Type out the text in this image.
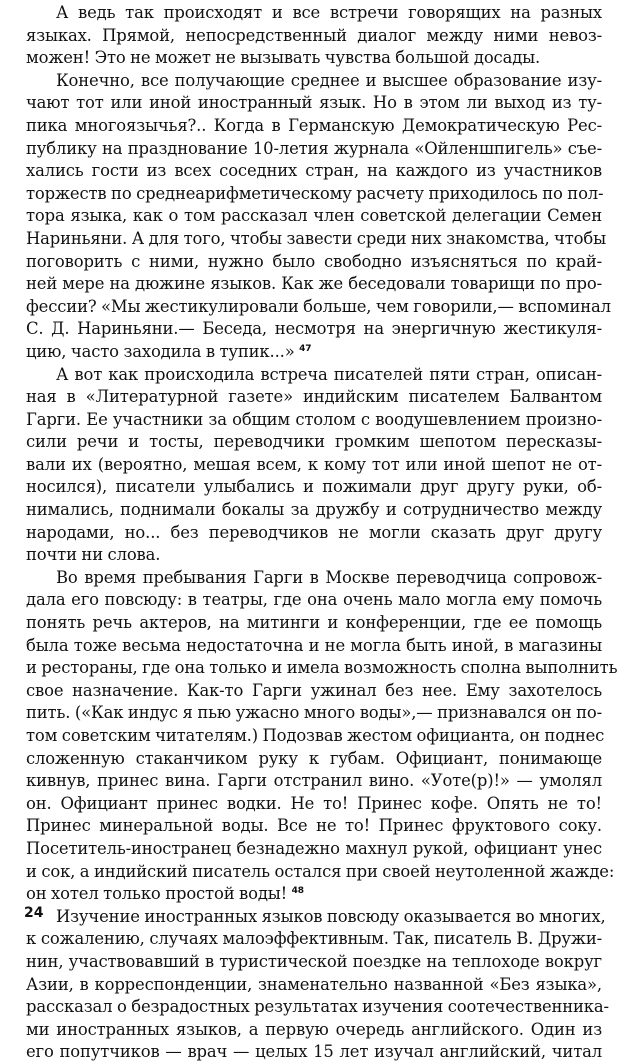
А ведь так происходят и все встречи говорящих на разных
языках. Прямой, непосредственный диалог между ними невоз-
можен! Это не может не вызывать чувства большой досады.

Конечно, все получающие среднее и высшее образование изу-
чают тот или иной иностранный язык. Но в этом ли выход из ту-
пика многоязычья?.. Когда в Германскую Демократическую Рес-
публику на празднование 10-летия журнала «Ойленшпигель» съе-
хались гости из всех соседних стран, на каждого из участников
торжеств по среднеарифметическому расчету приходилось по пол-
тора языка, как о том рассказал член советской делегации Семен
Нариньяни. А для того, чтобы завести среди них знакомства, чтобы
поговорить с ними, нужно было свободно изъясняться по край-
ней мере на дюжине языков. Как же беседовали товарищи по про-
фессии? «Мы жестикулировали больше, чем говорили,— вспоминал
С. Д. Нариньяни.— Беседа, несмотря на энергичную жестикуля-
цию, часто заходила в тупик...» $^{47}$

А вот как происходила встреча писателей пяти стран, описан-
ная в «Литературной газете» индийским писателем Балвантом
Гарги. Ее участники за общим столом с воодушевлением произно-
сили речи и тосты, переводчики громким шепотом пересказы-
вали их (вероятно, мешая всем, к кому тот или иной шепот не от-
носился), писатели улыбались и пожимали друг другу руки, об-
нимались, поднимали бокалы за дружбу и сотрудничество между
народами, но... без переводчиков не могли сказать друг другу
почти ни слова.

Во время пребывания Гарги в Москве переводчица сопровож-
дала его повсюду: в театры, где она очень мало могла ему помочь
понять речь актеров, на митинги и конференции, где ее помощь
была тоже весьма недостаточна и не могла быть иной, в магазины
и рестораны, где она только и имела возможность сполна выполнить
свое назначение. Как-то Гарги ужинал без нее. Ему захотелось
пить. («Как индус я пью ужасно много воды»,— признавался он по-
том советским читателям.) Подозвав жестом официанта, он поднес
сложенную стаканчиком руку к губам. Официант, понимающе
кивнув, принес вина. Гарги отстранил вино. «Уоте(р)!» — умолял
он. Официант принес водки. Не то! Принес кофе. Опять не то!
Принес минеральной воды. Все не то! Принес фруктового соку.
Посетитель-иностранец безнадежно махнул рукой, официант унес
и сок, а индийский писатель остался при своей неутоленной жажде:
он хотел только простой воды! $^{48}$

Изучение иностранных языков повсюду оказывается во многих,
к сожалению, случаях малоэффективным. Так, писатель В. Дружи-
нин, участвовавший в туристической поездке на теплоходе вокруг
Азии, в корреспонденции, знаменательно названной «Без языка»,
рассказал о безрадостных результатах изучения соотечественника-
ми иностранных языков, а первую очередь английского. Один из
его попутчиков — врач — целых 15 лет изучал английский, читал

24
